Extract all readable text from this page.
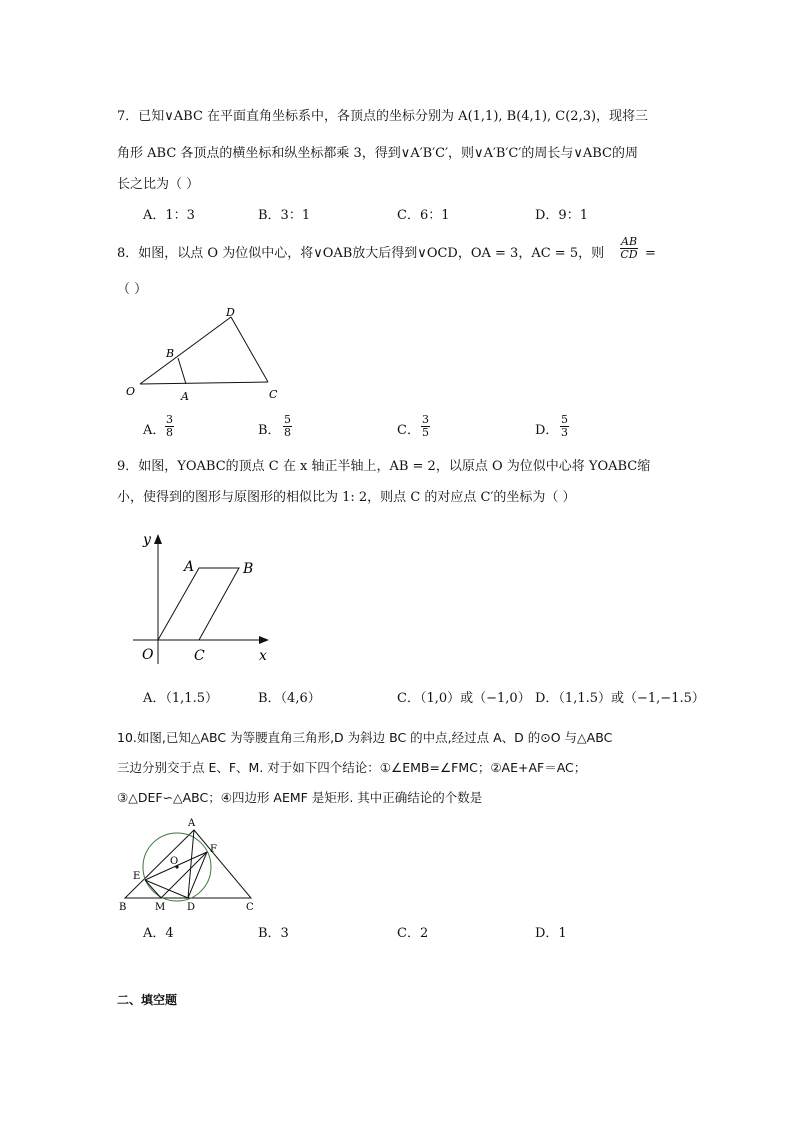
7．已知∨ABC 在平面直角坐标系中，各顶点的坐标分别为 A(1,1), B(4,1), C(2,3)，现将三
角形 ABC 各顶点的横坐标和纵坐标都乘 3，得到∨A′B′C′，则∨A′B′C′的周长与∨ABC的周
长之比为（ ）
A．1：3	B．3：1	C．6：1	D．9：1
8．如图，以点 O 为位似中心，将∨OAB放大后得到∨OCD，OA = 3，AC = 5，则 $\frac{AB}{CD}$ =
（ ）
O	A
B
C
D
A． $\frac{3}{8}$	B． $\frac{5}{8}$	C． $\frac{3}{5}$	D． $\frac{5}{3}$
9．如图，YOABC的顶点 C 在 x 轴正半轴上，AB = 2，以原点 O 为位似中心将 YOABC缩
小，使得到的图形与原图形的相似比为 1: 2，则点 C 的对应点 C′的坐标为（ ）
y
x
O
A	B
C
A．（1,1.5）	B．（4,6）	C．（1,0）或（−1,0） D．（1,1.5）或（−1,−1.5）
10.如图,已知△ABC 为等腰直角三角形,D 为斜边 BC 的中点,经过点 A、D 的⊙O 与△ABC
三边分别交于点 E、F、M. 对于如下四个结论：①∠EMB=∠FMC；②AE+AF＝AC；
③△DEF∽△ABC；④四边形 AEMF 是矩形. 其中正确结论的个数是
A
B	C
D
E
F
M
O
A．4	B．3	C．2	D．1
二、填空题
